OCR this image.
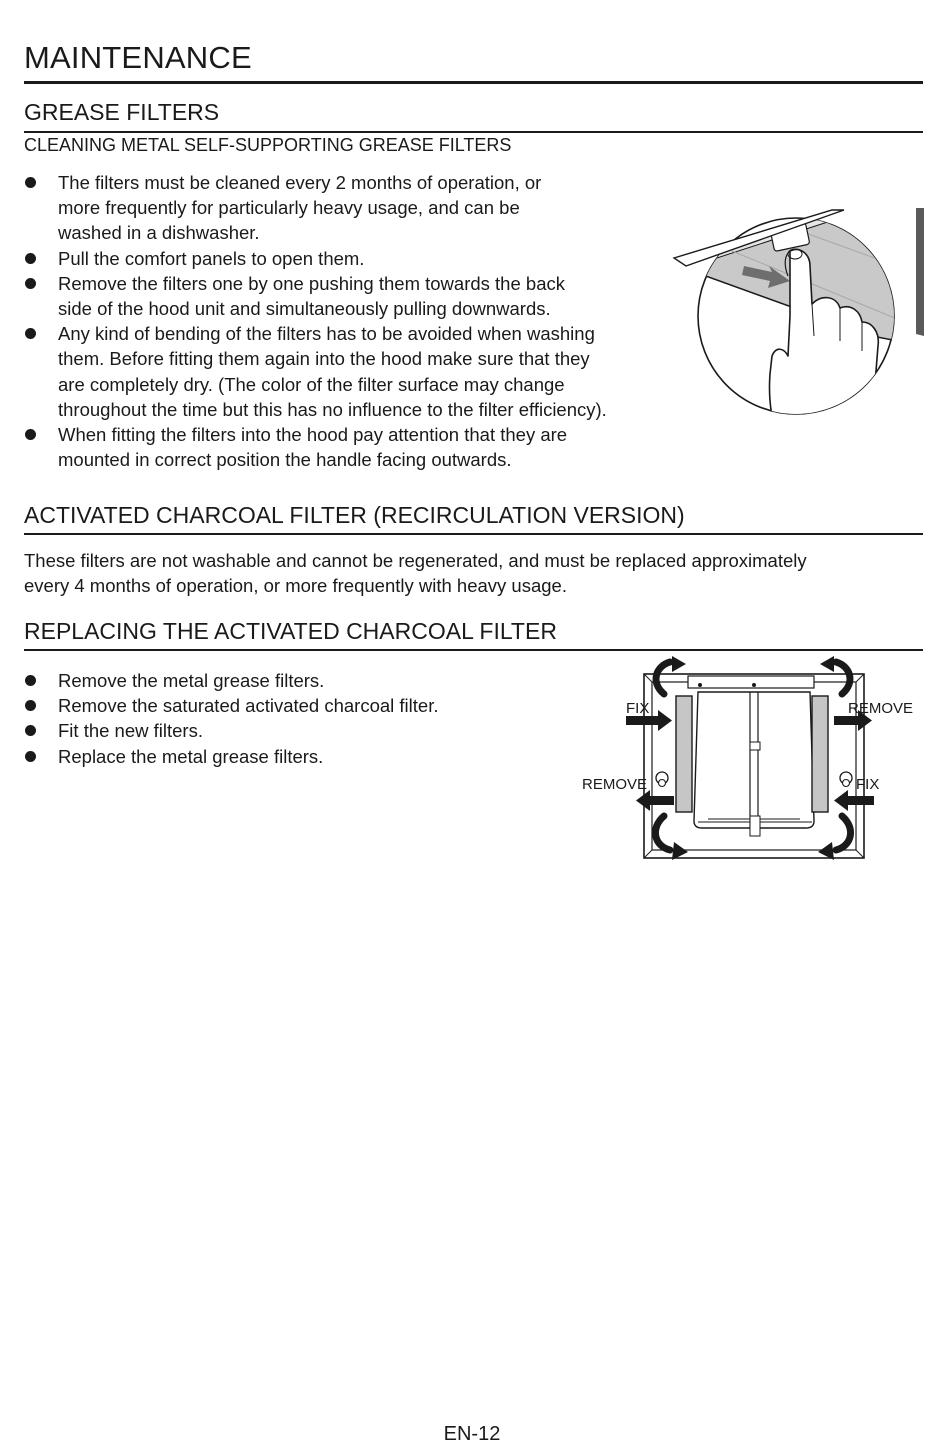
MAINTENANCE
GREASE FILTERS
CLEANING METAL SELF-SUPPORTING GREASE FILTERS
The filters must be cleaned every 2 months of operation, or
more frequently for particularly heavy usage, and can be
washed in a dishwasher.
Pull the comfort panels to open them.
Remove the filters one by one pushing them towards the back
side of the hood unit and simultaneously pulling downwards.
Any kind of bending of the filters has to be avoided when washing
them. Before fitting them again into the hood make sure that they
are completely dry. (The color of the filter surface may change
throughout the time but this has no influence to the filter efficiency).
When fitting the filters into the hood pay attention that they are
mounted in correct position the handle facing outwards.
ACTIVATED CHARCOAL FILTER (RECIRCULATION VERSION)
These filters are not washable and cannot be regenerated, and must be replaced approximately
every 4 months of operation, or more frequently with heavy usage.
REPLACING THE ACTIVATED CHARCOAL FILTER
Remove the metal grease filters.
Remove the saturated activated charcoal filter.
Fit the new filters.
Replace the metal grease filters.
FIX	REMOVE
REMOVE	FIX
EN-12
